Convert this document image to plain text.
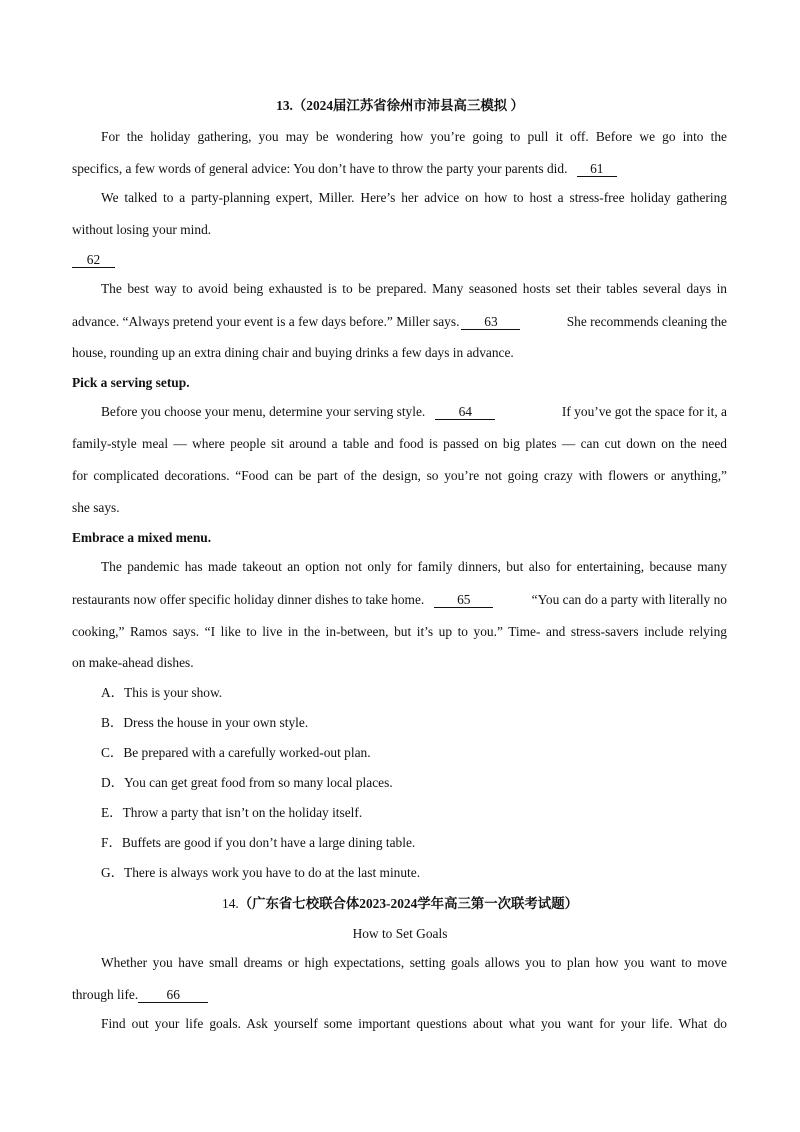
13.（2024届江苏省徐州市沛县高三模拟 ）

For the holiday gathering, you may be wondering how you’re going to pull it off. Before we go into the

specifics, a few words of general advice: You don’t have to throw the party your parents did. 61

We talked to a party-planning expert, Miller. Here’s her advice on how to host a stress-free holiday gathering

without losing your mind.

62

The best way to avoid being exhausted is to be prepared. Many seasoned hosts set their tables several days in

advance. “Always pretend your event is a few days before.” Miller says. 63	She recommends cleaning the

house, rounding up an extra dining chair and buying drinks a few days in advance.

Pick a serving setup.

Before you choose your menu, determine your serving style. 64	If you’ve got the space for it, a

family-style meal — where people sit around a table and food is passed on big plates — can cut down on the need

for complicated decorations. “Food can be part of the design, so you’re not going crazy with flowers or anything,”

she says.

Embrace a mixed menu.

The pandemic has made takeout an option not only for family dinners, but also for entertaining, because many

restaurants now offer specific holiday dinner dishes to take home. 65	“You can do a party with literally no

cooking,” Ramos says. “I like to live in the in-between, but it’s up to you.” Time- and stress-savers include relying

on make-ahead dishes.

A．This is your show.

B．Dress the house in your own style.

C．Be prepared with a carefully worked-out plan.

D．You can get great food from so many local places.

E．Throw a party that isn’t on the holiday itself.

F．Buffets are good if you don’t have a large dining table.

G．There is always work you have to do at the last minute.

14.（广东省七校联合体2023-2024学年高三第一次联考试题）

How to Set Goals

Whether you have small dreams or high expectations, setting goals allows you to plan how you want to move

through life. 66

Find out your life goals. Ask yourself some important questions about what you want for your life. What do
